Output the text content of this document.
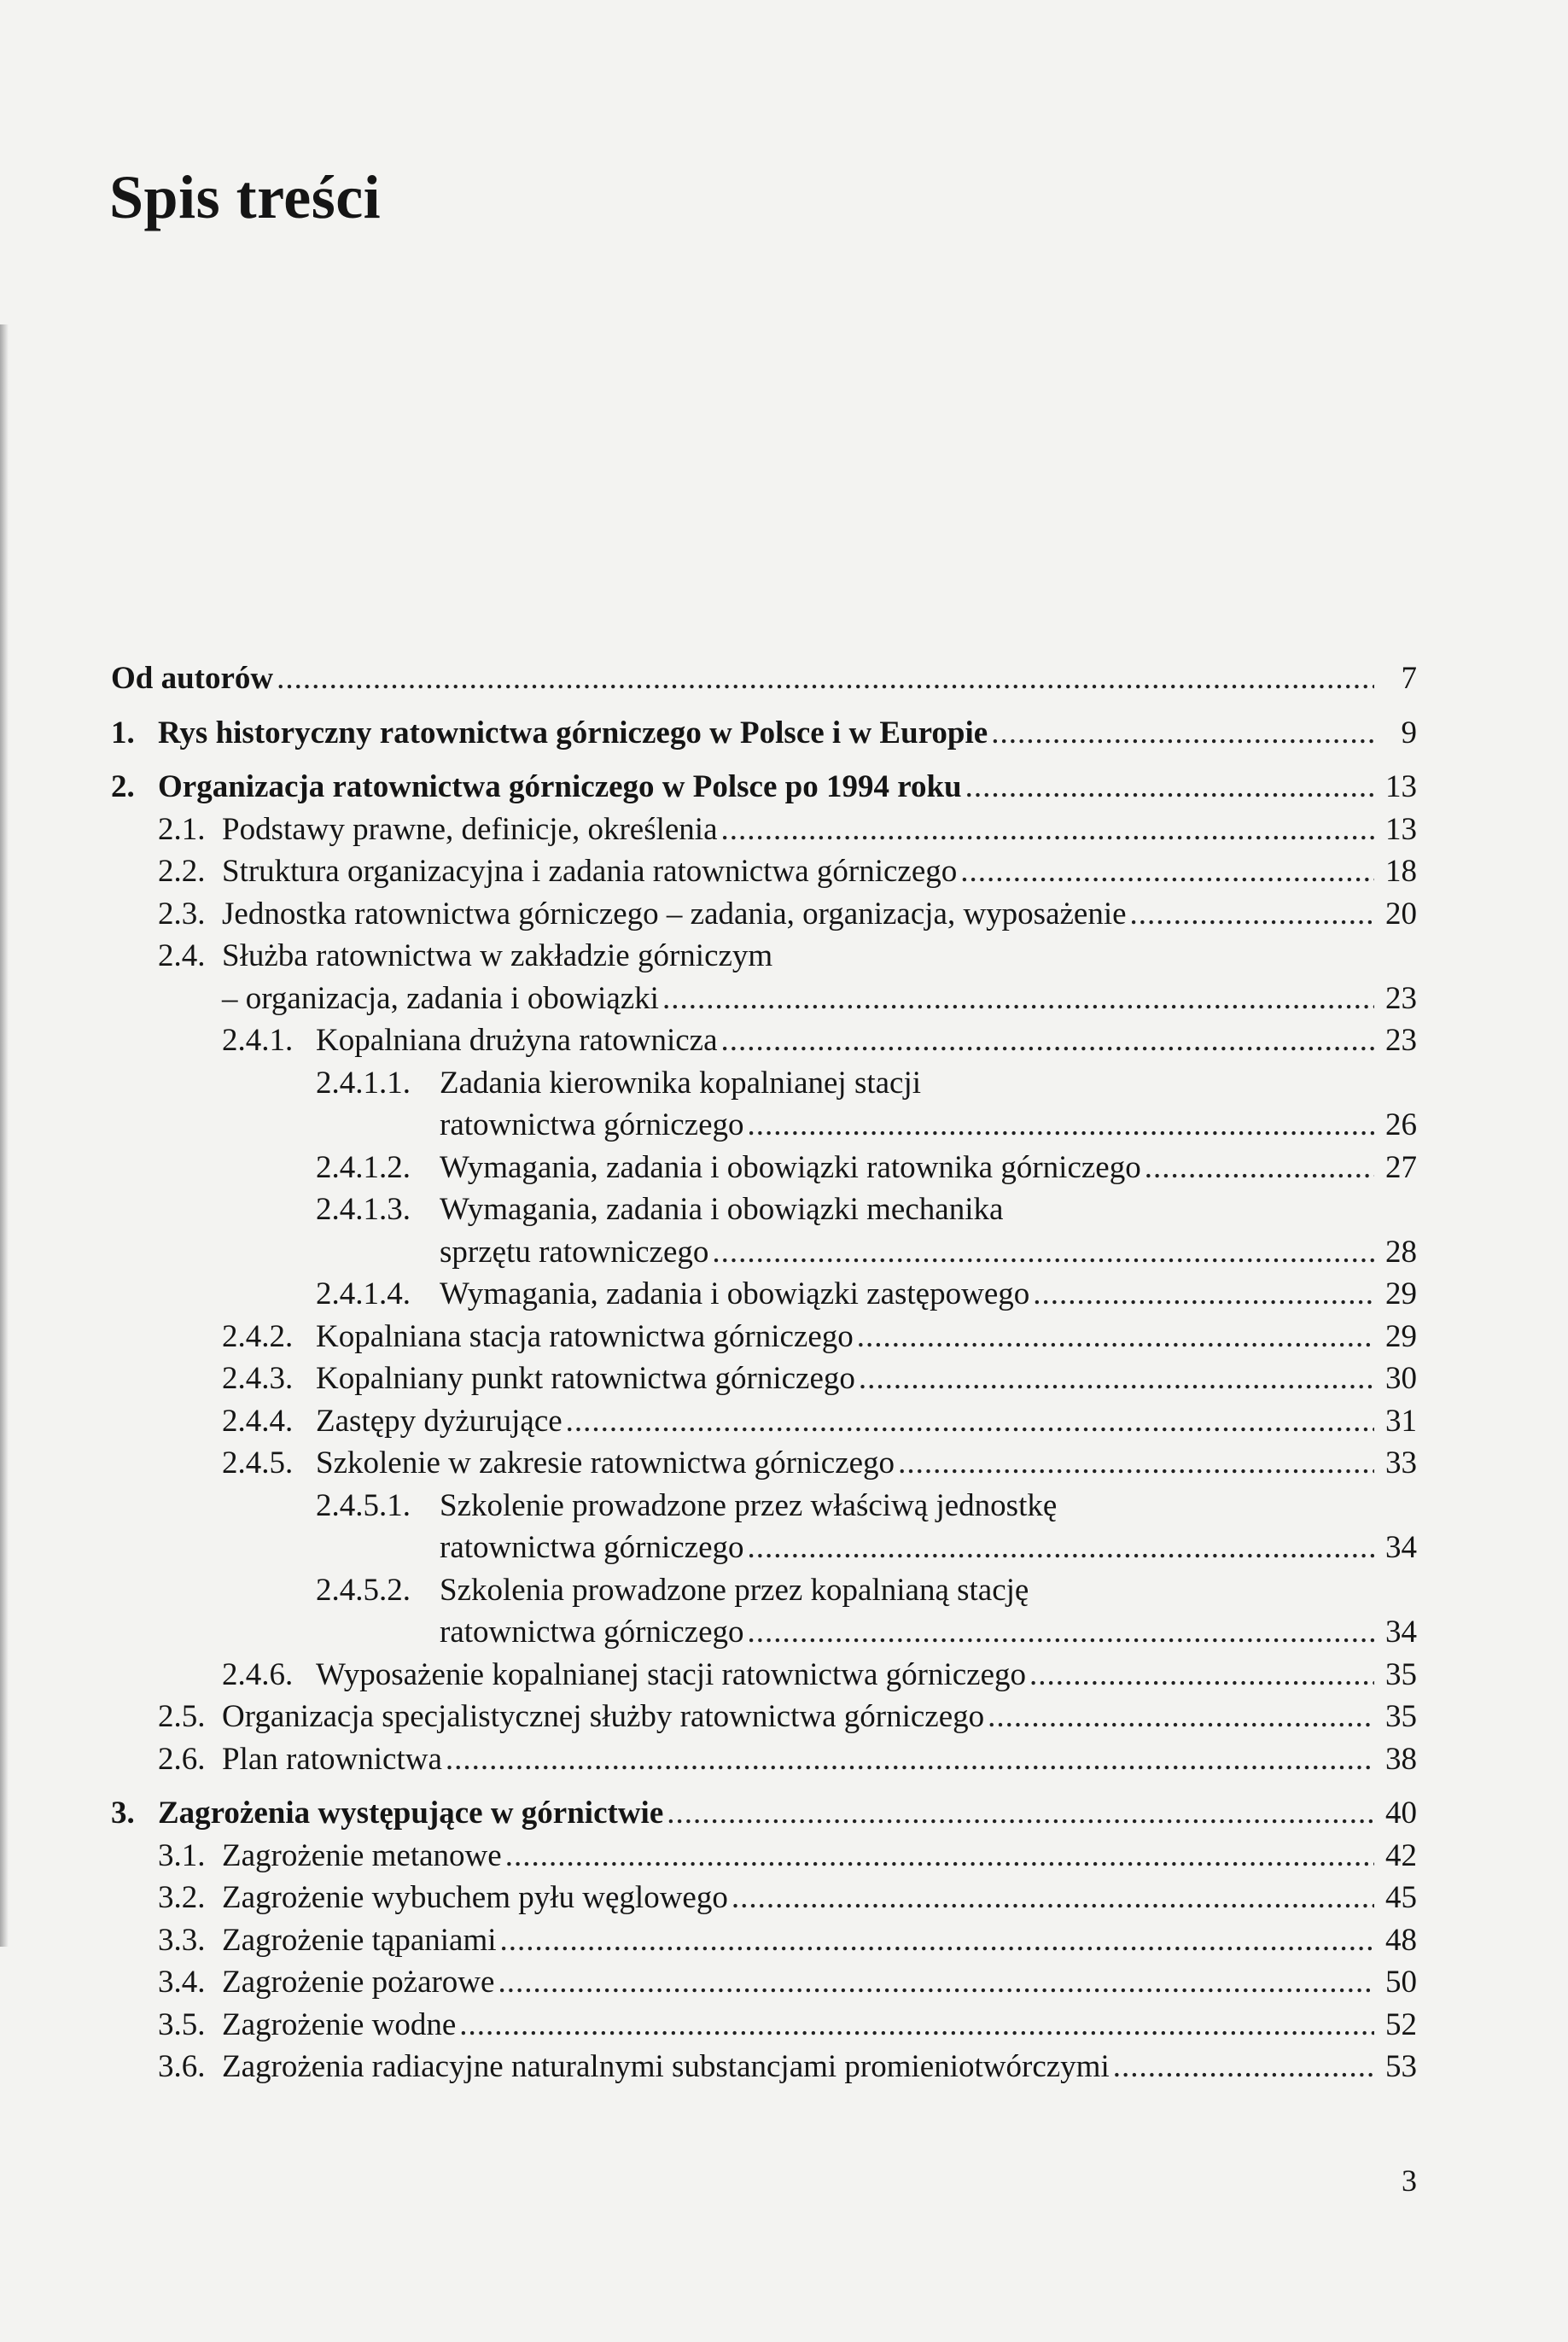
Spis treści
Od autorów .....	7
1. Rys historyczny ratownictwa górniczego w Polsce i w Europie .....	9
2. Organizacja ratownictwa górniczego w Polsce po 1994 roku .....	13
2.1. Podstawy prawne, definicje, określenia .....	13
2.2. Struktura organizacyjna i zadania ratownictwa górniczego .....	18
2.3. Jednostka ratownictwa górniczego – zadania, organizacja, wyposażenie .....	20
2.4. Służba ratownictwa w zakładzie górniczym
– organizacja, zadania i obowiązki .....	23
2.4.1. Kopalniana drużyna ratownicza .....	23
2.4.1.1. Zadania kierownika kopalnianej stacji
ratownictwa górniczego .....	26
2.4.1.2. Wymagania, zadania i obowiązki ratownika górniczego .....	27
2.4.1.3. Wymagania, zadania i obowiązki mechanika
sprzętu ratowniczego .....	28
2.4.1.4. Wymagania, zadania i obowiązki zastępowego .....	29
2.4.2. Kopalniana stacja ratownictwa górniczego .....	29
2.4.3. Kopalniany punkt ratownictwa górniczego .....	30
2.4.4. Zastępy dyżurujące .....	31
2.4.5. Szkolenie w zakresie ratownictwa górniczego .....	33
2.4.5.1. Szkolenie prowadzone przez właściwą jednostkę
ratownictwa górniczego .....	34
2.4.5.2. Szkolenia prowadzone przez kopalnianą stację
ratownictwa górniczego .....	34
2.4.6. Wyposażenie kopalnianej stacji ratownictwa górniczego .....	35
2.5. Organizacja specjalistycznej służby ratownictwa górniczego .....	35
2.6. Plan ratownictwa .....	38
3. Zagrożenia występujące w górnictwie .....	40
3.1. Zagrożenie metanowe .....	42
3.2. Zagrożenie wybuchem pyłu węglowego .....	45
3.3. Zagrożenie tąpaniami .....	48
3.4. Zagrożenie pożarowe .....	50
3.5. Zagrożenie wodne .....	52
3.6. Zagrożenia radiacyjne naturalnymi substancjami promieniotwórczymi .....	53
3
